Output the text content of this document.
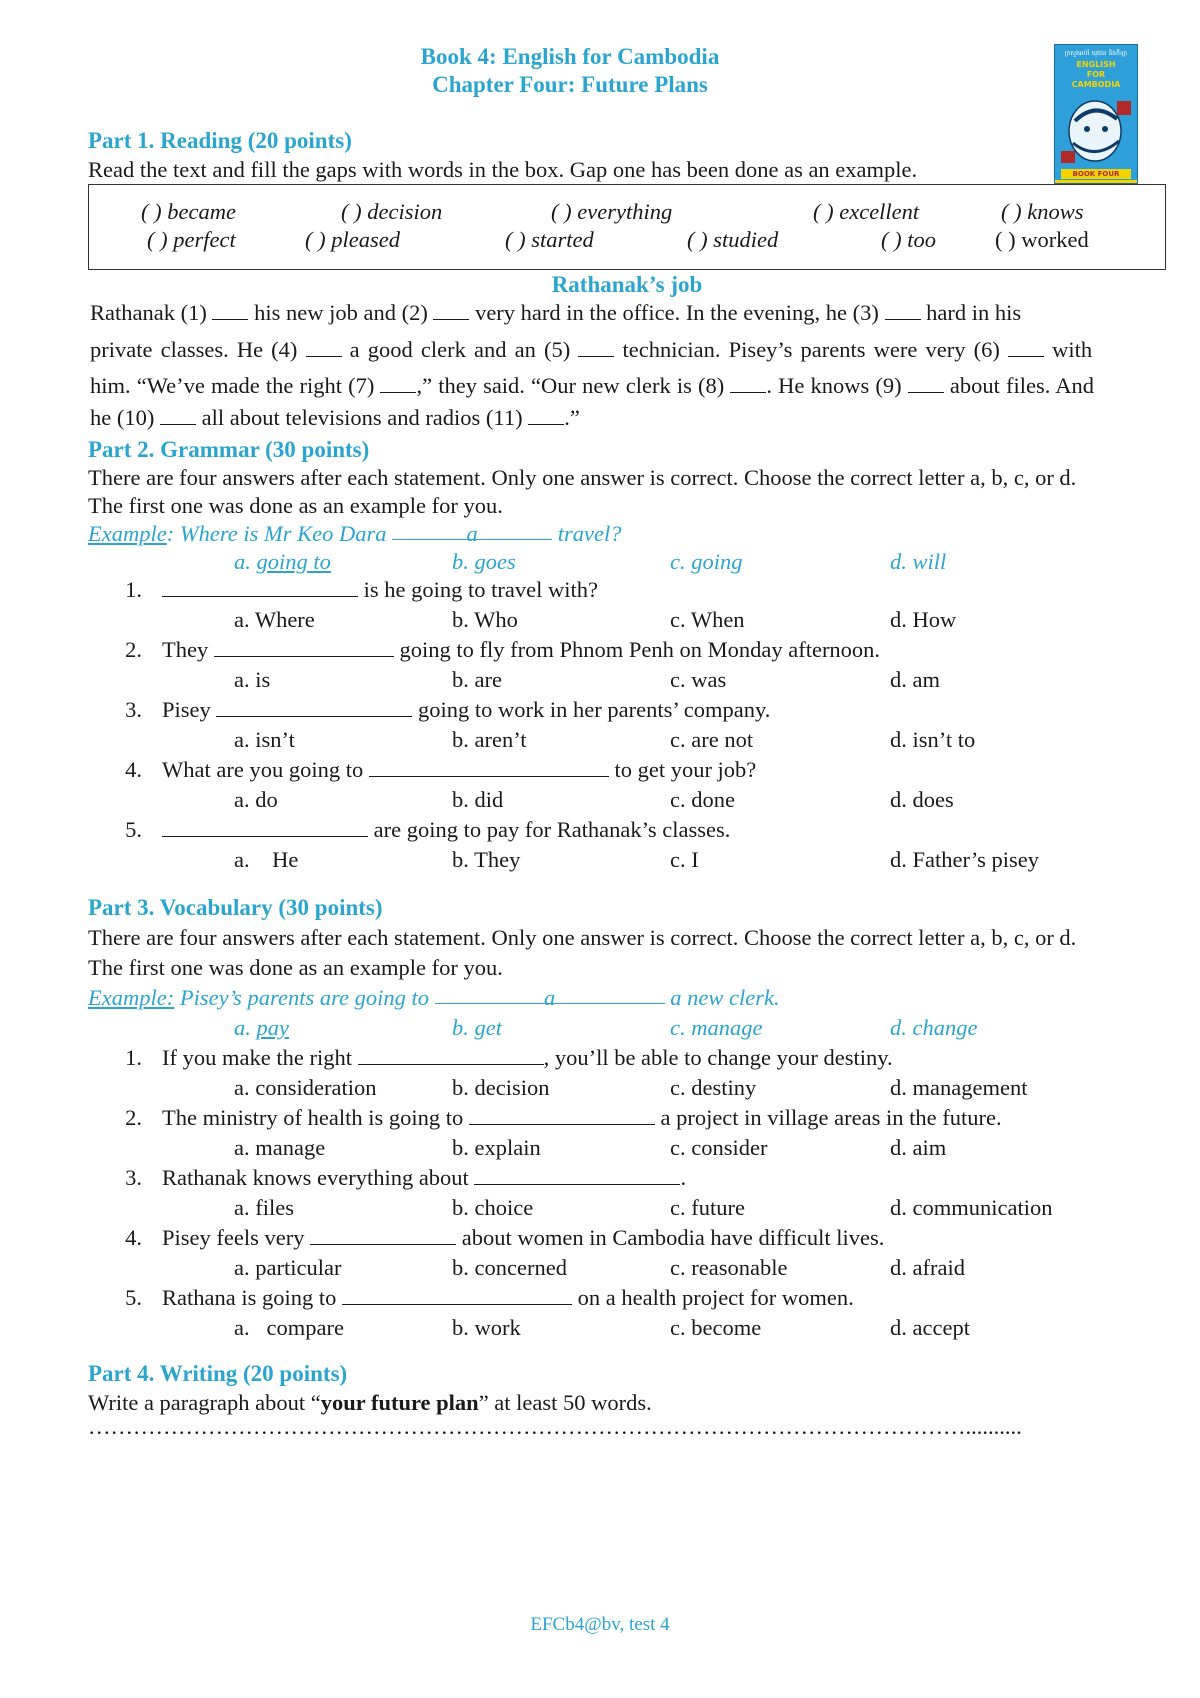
Book 4: English for Cambodia
Chapter Four: Future Plans
ក្រសួងអប់រំ យុវជន និងកីឡា
ENGLISH
FOR
CAMBODIA
BOOK FOUR
Part 1. Reading (20 points)
Read the text and fill the gaps with words in the box. Gap one has been done as an example.
( ) became	( ) decision	( ) everything	( ) excellent	( ) knows
( ) perfect	( ) pleased	( ) started	( ) studied	( ) too	( ) worked
Rathanak’s job
Rathanak (1)  his new job and (2)  very hard in the office. In the evening, he (3)  hard in his
private classes. He (4)  a good clerk and an (5)  technician. Pisey’s parents were very (6)  with
him. “We’ve made the right (7) ,” they said. “Our new clerk is (8) . He knows (9)  about files. And
he (10)  all about televisions and radios (11) .”
Part 2. Grammar (30 points)
There are four answers after each statement. Only one answer is correct. Choose the correct letter a, b, c, or d.
The first one was done as an example for you.
Example: Where is Mr Keo Dara	a	travel?
a. going to	b. goes	c. going	d. will
1.	is he going to travel with?
a. Where	b. Who	c. When	d. How
2. They	going to fly from Phnom Penh on Monday afternoon.
a. is	b. are	c. was	d. am
3. Pisey	going to work in her parents’ company.
a. isn’t	b. aren’t	c. are not	d. isn’t to
4. What are you going to	to get your job?
a. do	b. did	c. done	d. does
5.	are going to pay for Rathanak’s classes.
a.    He	b. They	c. I	d. Father’s pisey
Part 3. Vocabulary (30 points)
There are four answers after each statement. Only one answer is correct. Choose the correct letter a, b, c, or d.
The first one was done as an example for you.
Example: Pisey’s parents are going to	a	a new clerk.
a. pay	b. get	c. manage	d. change
1. If you make the right	, you’ll be able to change your destiny.
a. consideration	b. decision	c. destiny	d. management
2. The ministry of health is going to	a project in village areas in the future.
a. manage	b. explain	c. consider	d. aim
3. Rathanak knows everything about	.
a. files	b. choice	c. future	d. communication
4. Pisey feels very	about women in Cambodia have difficult lives.
a. particular	b. concerned	c. reasonable	d. afraid
5. Rathana is going to	on a health project for women.
a.   compare	b. work	c. become	d. accept
Part 4. Writing (20 points)
Write a paragraph about “your future plan” at least 50 words.
………………………………………………………………………………………………………..........
EFCb4@bv, test 4
